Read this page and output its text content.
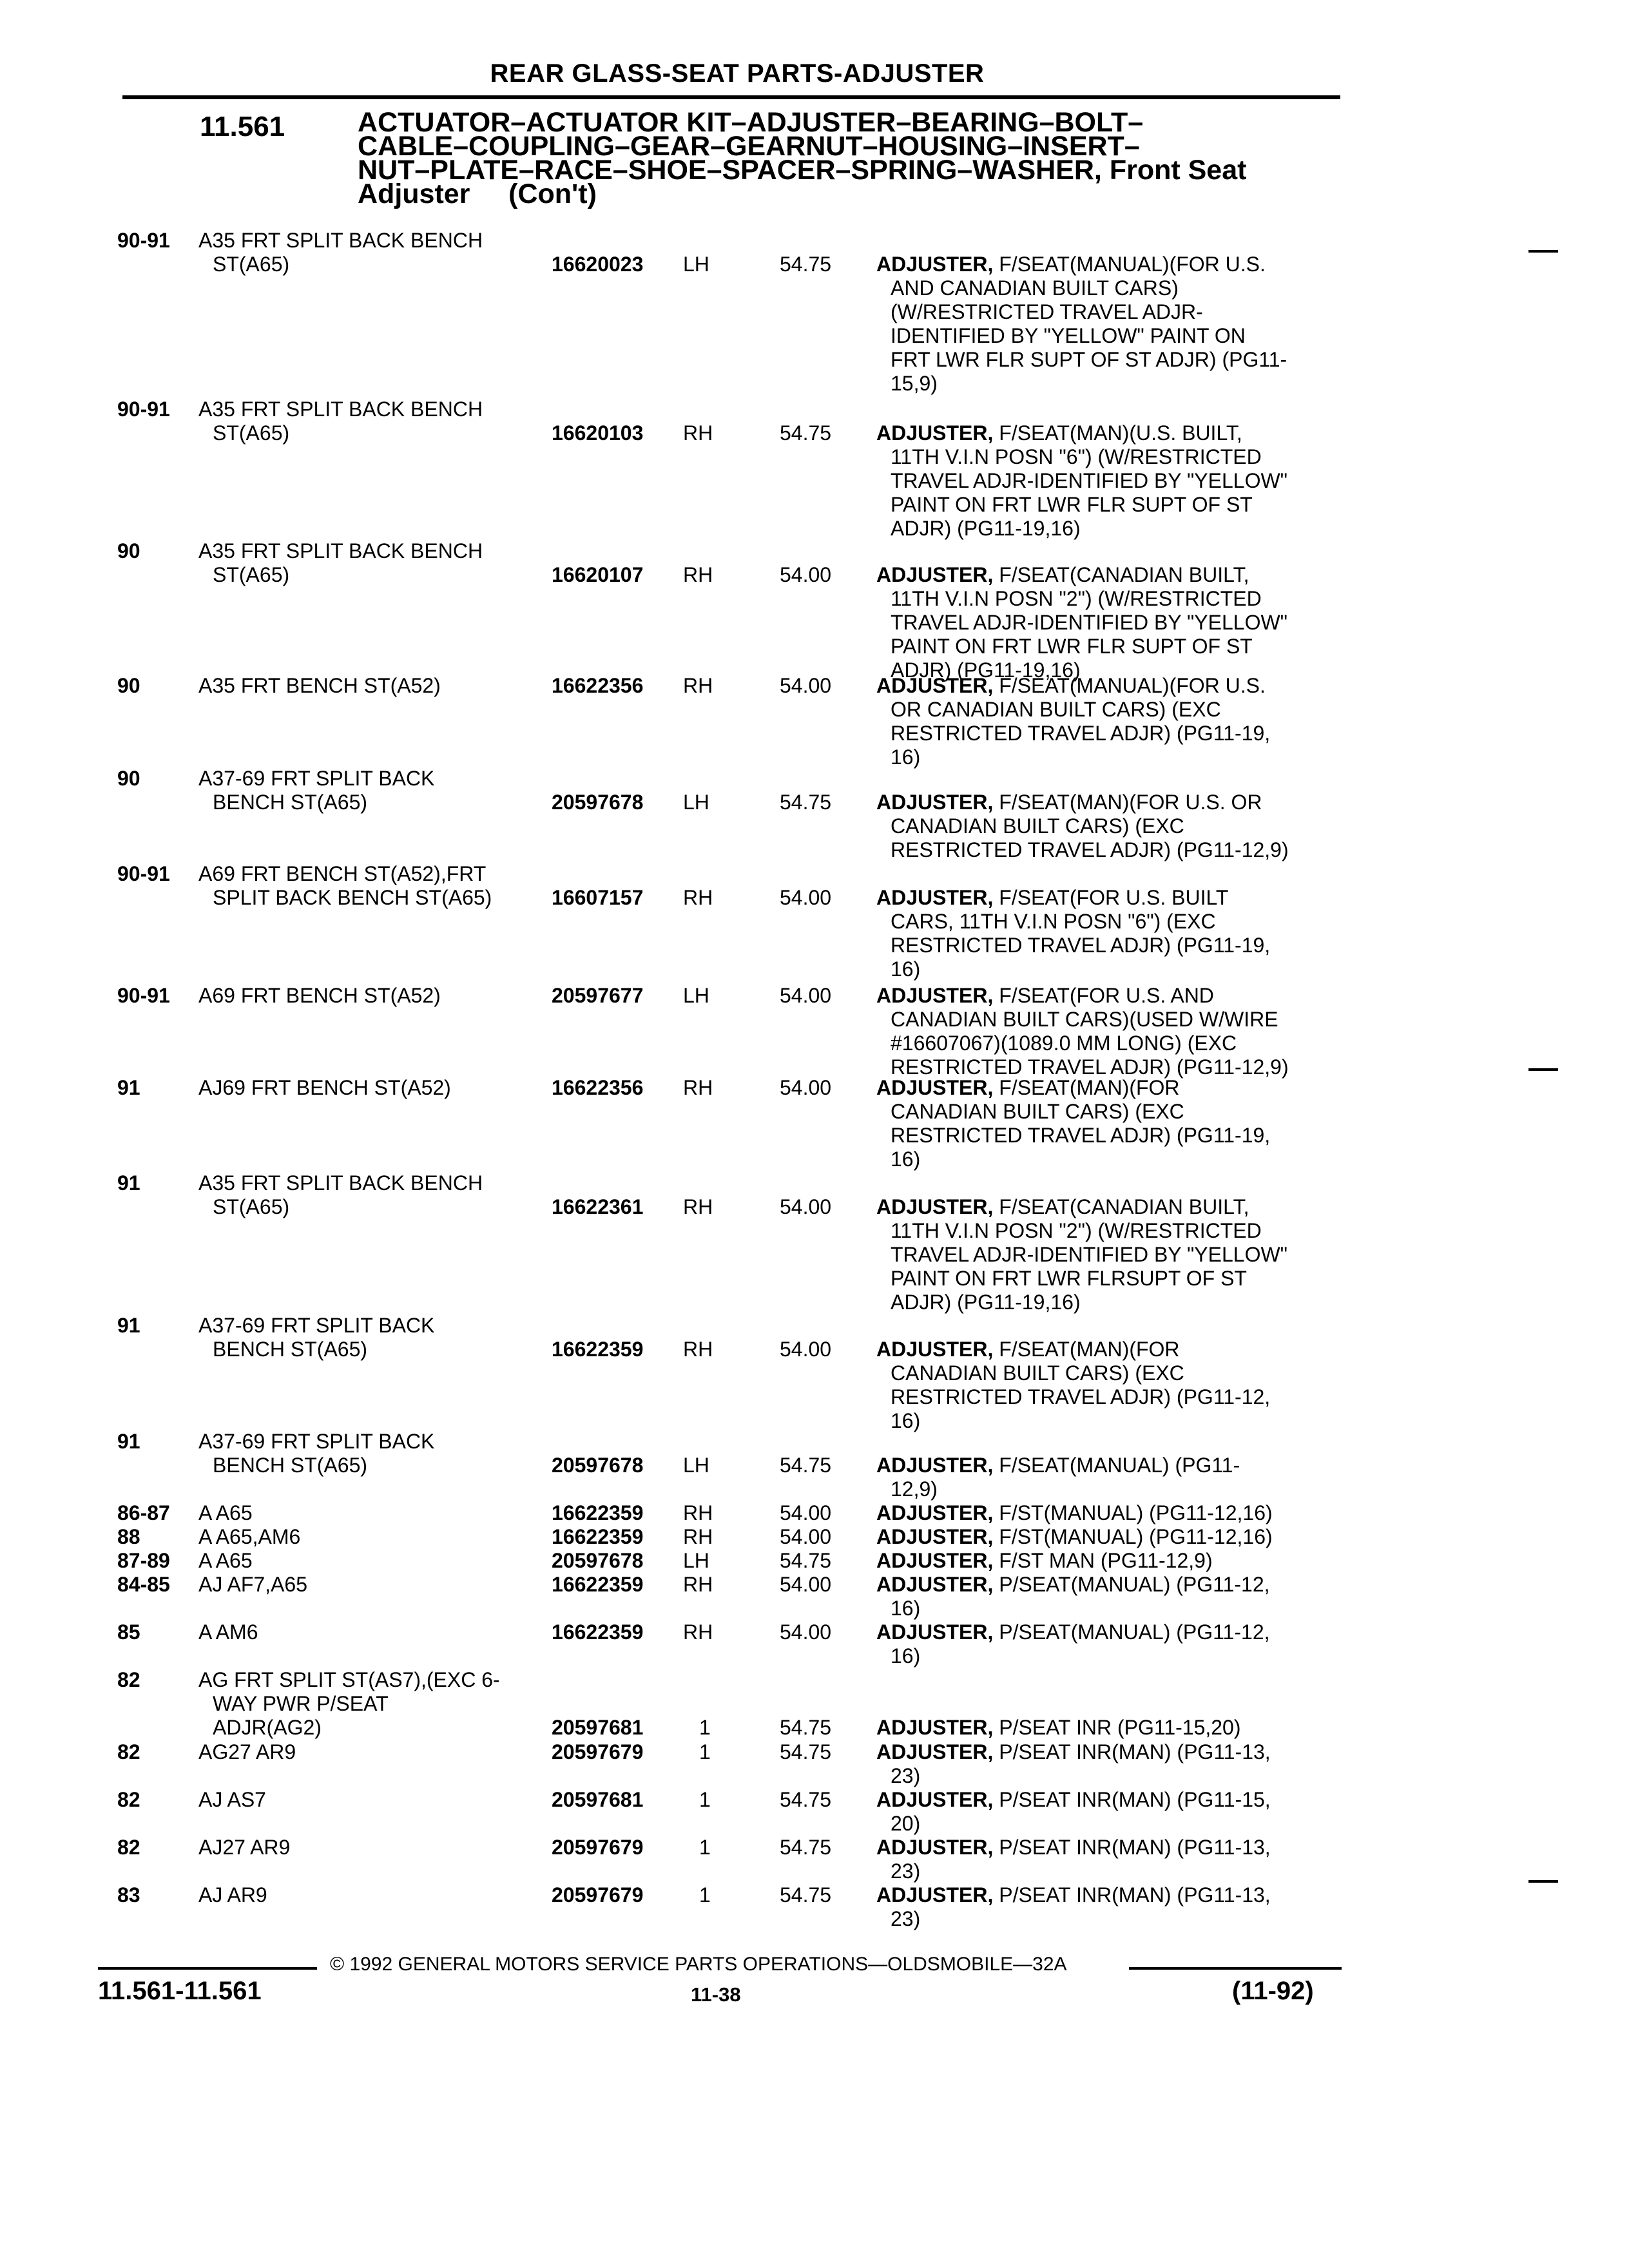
REAR GLASS-SEAT PARTS-ADJUSTER
11.561	ACTUATOR–ACTUATOR KIT–ADJUSTER–BEARING–BOLT–
CABLE–COUPLING–GEAR–GEARNUT–HOUSING–INSERT–
NUT–PLATE–RACE–SHOE–SPACER–SPRING–WASHER, Front Seat
Adjuster (Con't)
90-91 A35 FRT SPLIT BACK BENCH
ST(A65)	16620023 LH	54.75 ADJUSTER, F/SEAT(MANUAL)(FOR U.S.
AND CANADIAN BUILT CARS)
(W/RESTRICTED TRAVEL ADJR-
IDENTIFIED BY "YELLOW" PAINT ON
FRT LWR FLR SUPT OF ST ADJR) (PG11-
15,9)
90-91 A35 FRT SPLIT BACK BENCH
ST(A65)	16620103 RH	54.75 ADJUSTER, F/SEAT(MAN)(U.S. BUILT,
11TH V.I.N POSN "6") (W/RESTRICTED
TRAVEL ADJR-IDENTIFIED BY "YELLOW"
PAINT ON FRT LWR FLR SUPT OF ST
ADJR) (PG11-19,16)
90	A35 FRT SPLIT BACK BENCH
ST(A65)	16620107 RH	54.00 ADJUSTER, F/SEAT(CANADIAN BUILT,
11TH V.I.N POSN "2") (W/RESTRICTED
TRAVEL ADJR-IDENTIFIED BY "YELLOW"
PAINT ON FRT LWR FLR SUPT OF ST
ADJR) (PG11-19,16)
90	A35 FRT BENCH ST(A52)	16622356 RH	54.00 ADJUSTER, F/SEAT(MANUAL)(FOR U.S.
OR CANADIAN BUILT CARS) (EXC
RESTRICTED TRAVEL ADJR) (PG11-19,
16)
90	A37-69 FRT SPLIT BACK
BENCH ST(A65)	20597678 LH	54.75 ADJUSTER, F/SEAT(MAN)(FOR U.S. OR
CANADIAN BUILT CARS) (EXC
RESTRICTED TRAVEL ADJR) (PG11-12,9)
90-91 A69 FRT BENCH ST(A52),FRT
SPLIT BACK BENCH ST(A65)	16607157 RH	54.00 ADJUSTER, F/SEAT(FOR U.S. BUILT
CARS, 11TH V.I.N POSN "6") (EXC
RESTRICTED TRAVEL ADJR) (PG11-19,
16)
90-91 A69 FRT BENCH ST(A52)	20597677 LH	54.00 ADJUSTER, F/SEAT(FOR U.S. AND
CANADIAN BUILT CARS)(USED W/WIRE
#16607067)(1089.0 MM LONG) (EXC
RESTRICTED TRAVEL ADJR) (PG11-12,9)
91	AJ69 FRT BENCH ST(A52)	16622356 RH	54.00 ADJUSTER, F/SEAT(MAN)(FOR
CANADIAN BUILT CARS) (EXC
RESTRICTED TRAVEL ADJR) (PG11-19,
16)
91	A35 FRT SPLIT BACK BENCH
ST(A65)	16622361 RH	54.00 ADJUSTER, F/SEAT(CANADIAN BUILT,
11TH V.I.N POSN "2") (W/RESTRICTED
TRAVEL ADJR-IDENTIFIED BY "YELLOW"
PAINT ON FRT LWR FLRSUPT OF ST
ADJR) (PG11-19,16)
91	A37-69 FRT SPLIT BACK
BENCH ST(A65)	16622359 RH	54.00 ADJUSTER, F/SEAT(MAN)(FOR
CANADIAN BUILT CARS) (EXC
RESTRICTED TRAVEL ADJR) (PG11-12,
16)
91	A37-69 FRT SPLIT BACK
BENCH ST(A65)	20597678 LH	54.75 ADJUSTER, F/SEAT(MANUAL) (PG11-
12,9)
86-87 A A65	16622359 RH	54.00 ADJUSTER, F/ST(MANUAL) (PG11-12,16)
88	A A65,AM6	16622359 RH	54.00 ADJUSTER, F/ST(MANUAL) (PG11-12,16)
87-89 A A65	20597678 LH	54.75 ADJUSTER, F/ST MAN (PG11-12,9)
84-85 AJ AF7,A65	16622359 RH	54.00 ADJUSTER, P/SEAT(MANUAL) (PG11-12,
16)
85	A AM6	16622359 RH	54.00 ADJUSTER, P/SEAT(MANUAL) (PG11-12,
16)
82	AG FRT SPLIT ST(AS7),(EXC 6-
WAY PWR P/SEAT
ADJR(AG2)	20597681	1	54.75 ADJUSTER, P/SEAT INR (PG11-15,20)
82	AG27 AR9	20597679	1	54.75 ADJUSTER, P/SEAT INR(MAN) (PG11-13,
23)
82	AJ AS7	20597681	1	54.75 ADJUSTER, P/SEAT INR(MAN) (PG11-15,
20)
82	AJ27 AR9	20597679	1	54.75 ADJUSTER, P/SEAT INR(MAN) (PG11-13,
23)
83	AJ AR9	20597679	1	54.75 ADJUSTER, P/SEAT INR(MAN) (PG11-13,
23)
© 1992 GENERAL MOTORS SERVICE PARTS OPERATIONS—OLDSMOBILE—32A
11.561-11.561	11-38	(11-92)
